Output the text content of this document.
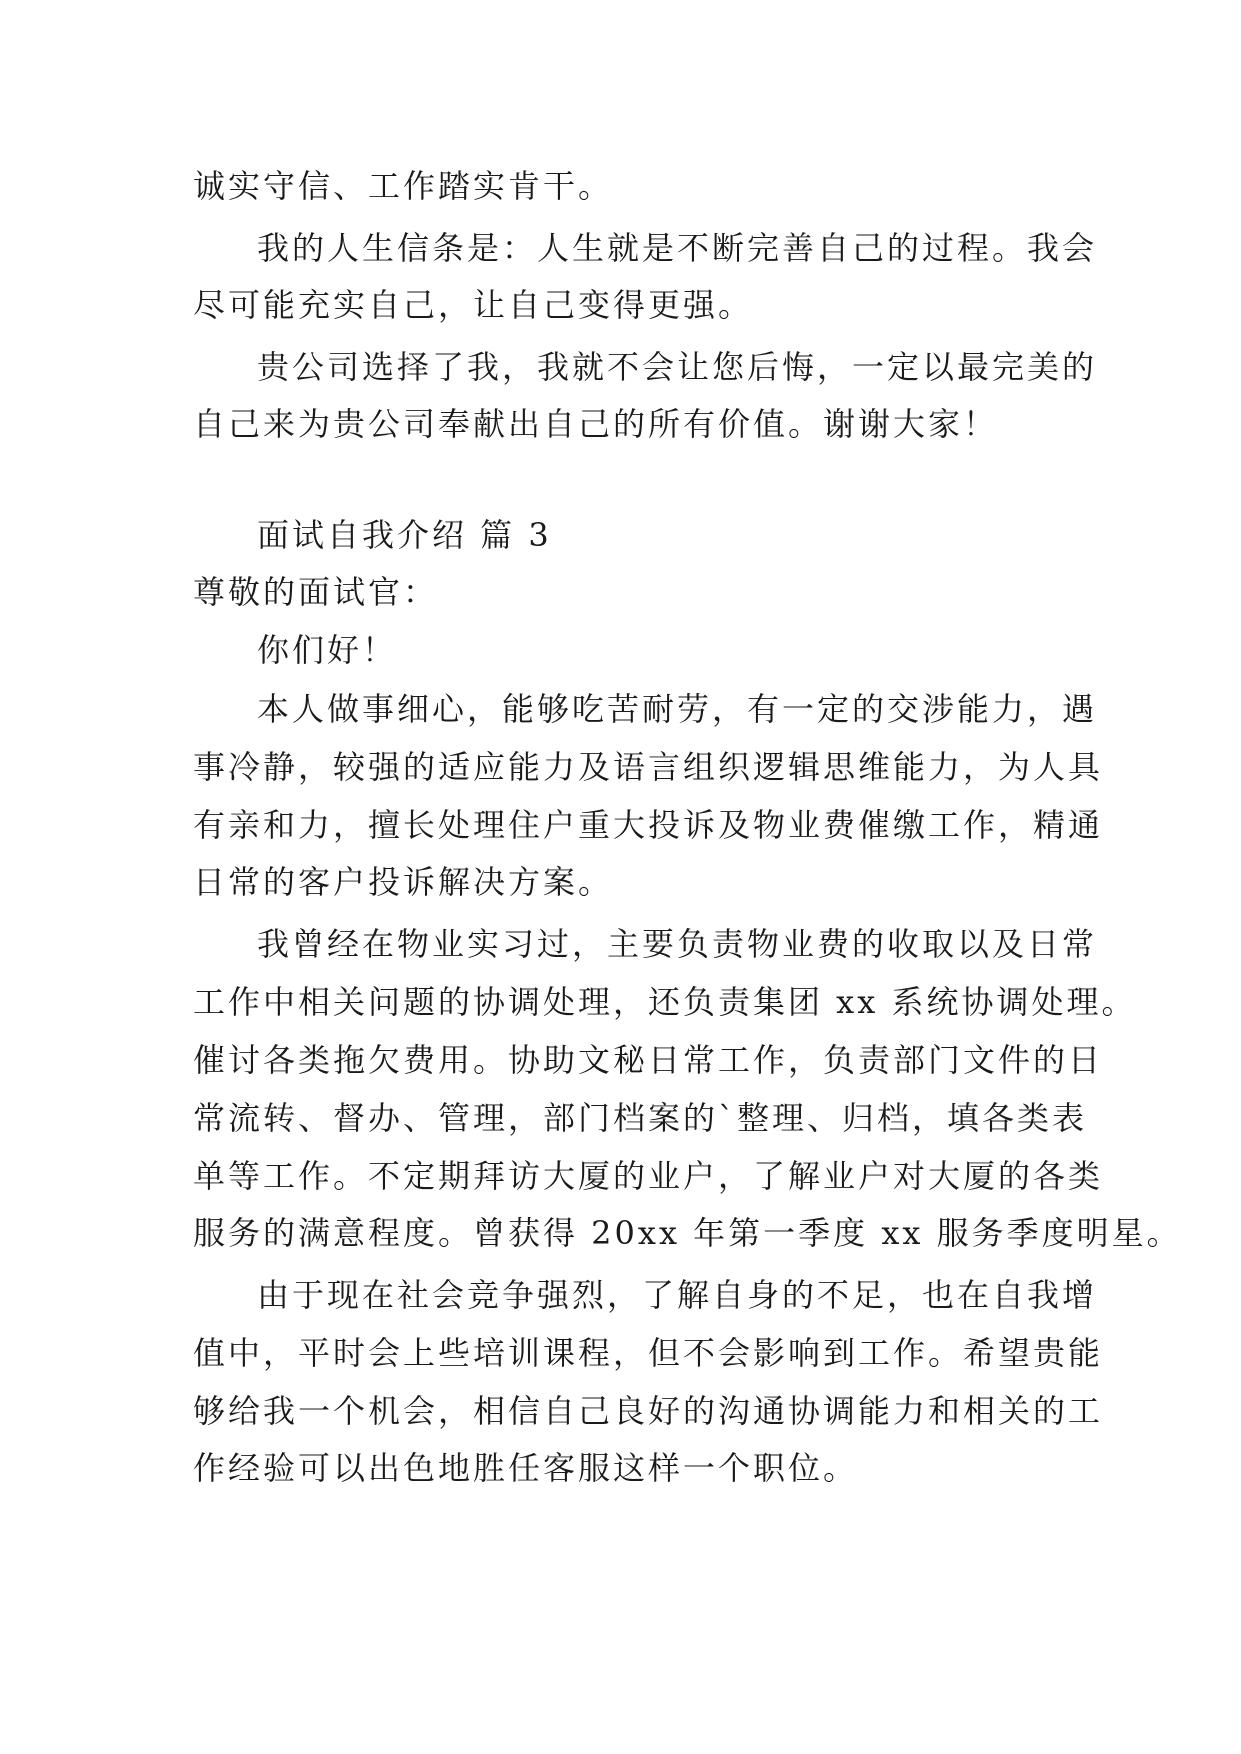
诚实守信、工作踏实肯干。
我的人生信条是：人生就是不断完善自己的过程。我会
尽可能充实自己，让自己变得更强。
贵公司选择了我，我就不会让您后悔，一定以最完美的
自己来为贵公司奉献出自己的所有价值。谢谢大家！
面试自我介绍 篇 3
尊敬的面试官：
你们好！
本人做事细心，能够吃苦耐劳，有一定的交涉能力，遇
事冷静，较强的适应能力及语言组织逻辑思维能力，为人具
有亲和力，擅长处理住户重大投诉及物业费催缴工作，精通
日常的客户投诉解决方案。
我曾经在物业实习过，主要负责物业费的收取以及日常
工作中相关问题的协调处理，还负责集团 xx 系统协调处理。
催讨各类拖欠费用。协助文秘日常工作，负责部门文件的日
常流转、督办、管理，部门档案的`整理、归档，填各类表
单等工作。不定期拜访大厦的业户，了解业户对大厦的各类
服务的满意程度。曾获得 20xx 年第一季度 xx 服务季度明星。
由于现在社会竞争强烈，了解自身的不足，也在自我增
值中，平时会上些培训课程，但不会影响到工作。希望贵能
够给我一个机会，相信自己良好的沟通协调能力和相关的工
作经验可以出色地胜任客服这样一个职位。
